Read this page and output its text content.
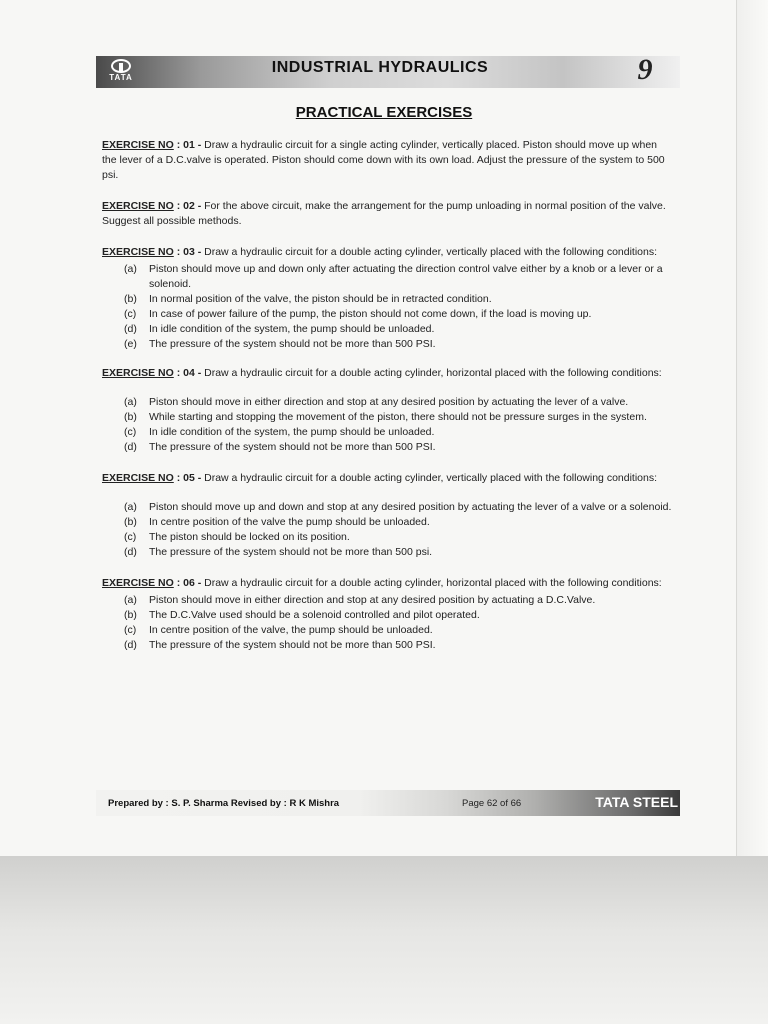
TATA
INDUSTRIAL HYDRAULICS	9
PRACTICAL EXERCISES
EXERCISE NO : 01 - Draw a hydraulic circuit for a single acting cylinder, vertically placed. Piston should move up when the lever of a D.C.valve is operated. Piston should come down with its own load. Adjust the pressure of the system to 500 psi.
EXERCISE NO : 02 - For the above circuit, make the arrangement for the pump unloading in normal position of the valve. Suggest all possible methods.
EXERCISE NO : 03 - Draw a hydraulic circuit for a double acting cylinder, vertically placed with the following conditions:
(a) Piston should move up and down only after actuating the direction control valve either by a knob or a lever or a solenoid.
(b) In normal position of the valve, the piston should be in retracted condition.
(c) In case of power failure of the pump, the piston should not come down, if the load is moving up.
(d) In idle condition of the system, the pump should be unloaded.
(e) The pressure of the system should not be more than 500 PSI.
EXERCISE NO : 04 - Draw a hydraulic circuit for a double acting cylinder, horizontal placed with the following conditions:
(a) Piston should move in either direction and stop at any desired position by actuating the lever of a valve.
(b) While starting and stopping the movement of the piston, there should not be pressure surges in the system.
(c) In idle condition of the system, the pump should be unloaded.
(d) The pressure of the system should not be more than 500 PSI.
EXERCISE NO : 05 - Draw a hydraulic circuit for a double acting cylinder, vertically placed with the following conditions:
(a) Piston should move up and down and stop at any desired position by actuating the lever of a valve or a solenoid.
(b) In centre position of the valve the pump should be unloaded.
(c) The piston should be locked on its position.
(d) The pressure of the system should not be more than 500 psi.
EXERCISE NO : 06 - Draw a hydraulic circuit for a double acting cylinder, horizontal placed with the following conditions:
(a) Piston should move in either direction and stop at any desired position by actuating a D.C.Valve.
(b) The D.C.Valve used should be a solenoid controlled and pilot operated.
(c) In centre position of the valve, the pump should be unloaded.
(d) The pressure of the system should not be more than 500 PSI.
Prepared by : S. P. Sharma Revised by : R K Mishra	Page 62 of 66	TATA STEEL
